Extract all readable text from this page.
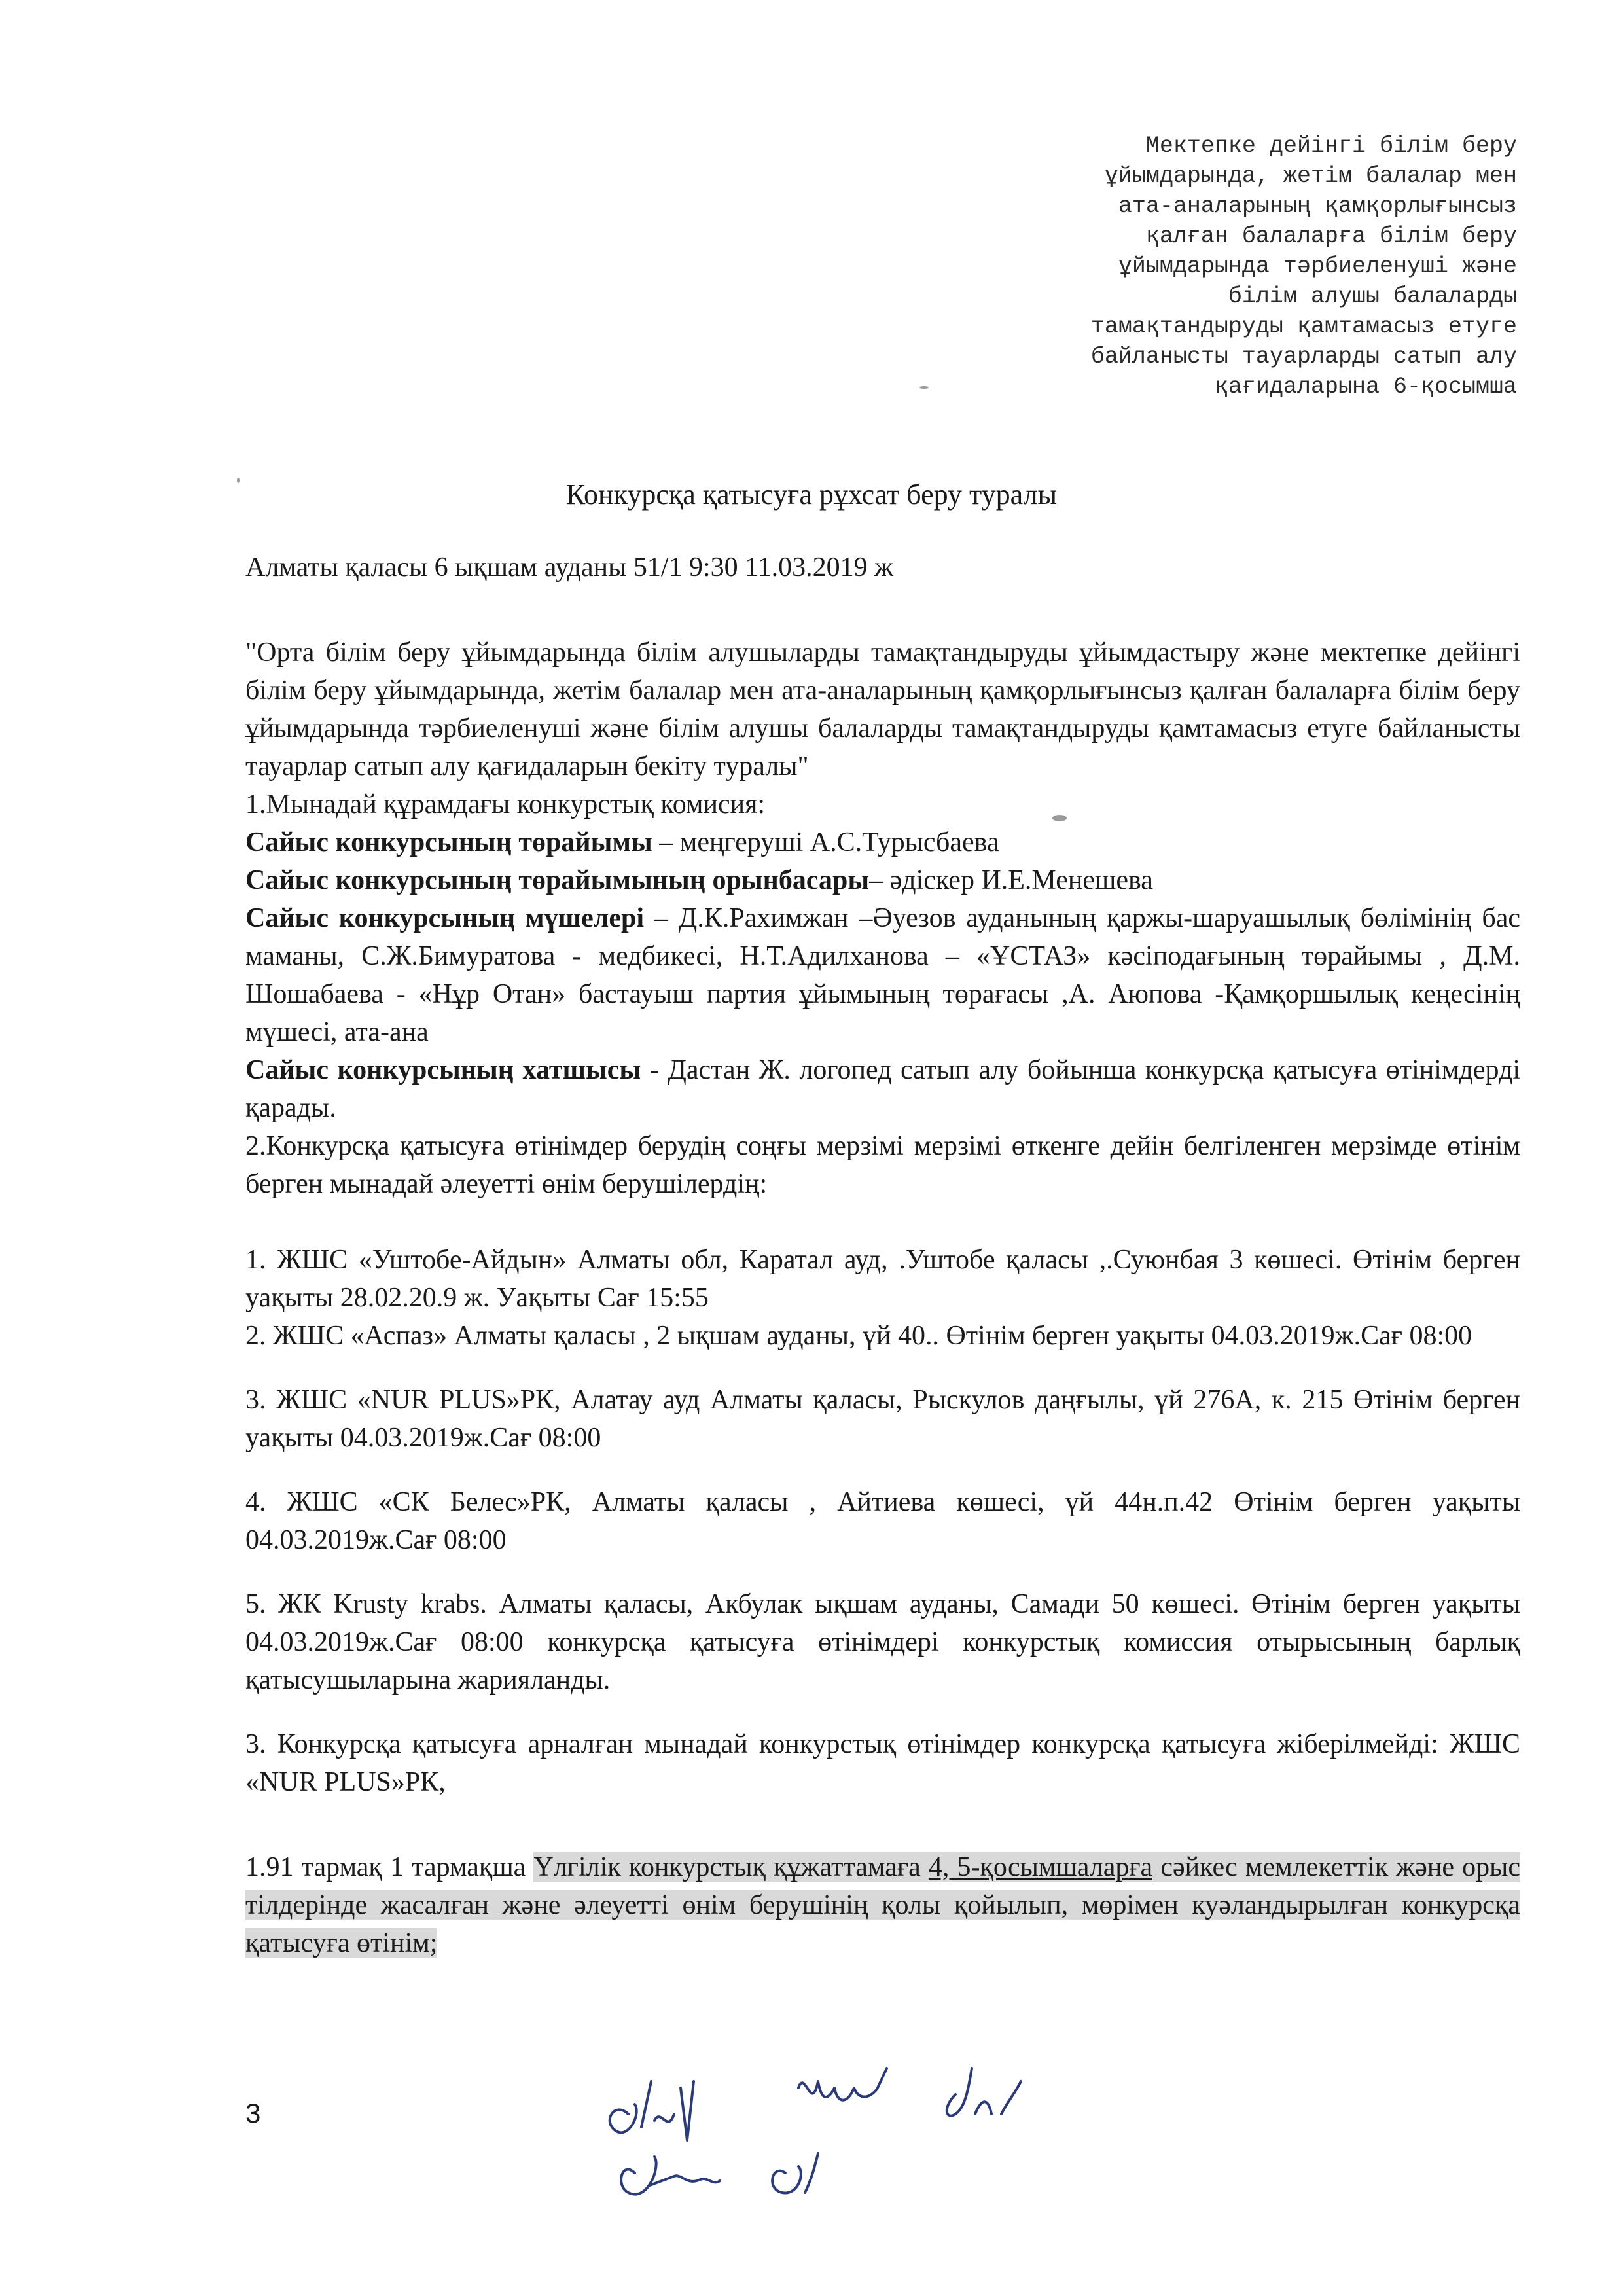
Мектепке дейінгі білім беру
ұйымдарында, жетім балалар мен
ата-аналарының қамқорлығынсыз
қалған балаларға білім беру
ұйымдарында тәрбиеленуші және
білім алушы балаларды
тамақтандыруды қамтамасыз етуге
байланысты тауарларды сатып алу
қағидаларына 6-қосымша
Конкурсқа қатысуға рұхсат беру туралы

Алматы қаласы 6 ықшам ауданы 51/1 9:30 11.03.2019 ж

"Орта білім беру ұйымдарында білім алушыларды тамақтандыруды ұйымдастыру және мектепке дейінгі білім беру ұйымдарында, жетім балалар мен ата-аналарының қамқорлығынсыз қалған балаларға білім беру ұйымдарында тәрбиеленуші және білім алушы балаларды тамақтандыруды қамтамасыз етуге байланысты тауарлар сатып алу қағидаларын бекіту туралы"

1.Мынадай құрамдағы конкурстық комисия:

Сайыс конкурсының төрайымы – меңгеруші А.С.Турысбаева

Сайыс конкурсының төрайымының орынбасары– әдіскер И.Е.Менешева

Сайыс конкурсының мүшелері – Д.К.Рахимжан –Әуезов ауданының қаржы-шаруашылық бөлімінің бас маманы, С.Ж.Бимуратова - медбикесі, Н.Т.Адилханова – «ҰСТАЗ» кәсіподағының төрайымы , Д.М. Шошабаева - «Нұр Отан» бастауыш партия ұйымының төрағасы ,А. Аюпова -Қамқоршылық кеңесінің мүшесі, ата-ана

Сайыс конкурсының хатшысы - Дастан Ж. логопед сатып алу бойынша конкурсқа қатысуға өтінімдерді қарады.

2.Конкурсқа қатысуға өтінімдер берудің соңғы мерзімі мерзімі өткенге дейін белгіленген мерзімде өтінім берген мынадай әлеуетті өнім берушілердің:

1. ЖШС «Уштобе-Айдын» Алматы обл, Каратал ауд, .Уштобе қаласы ,.Суюнбая 3 көшесі. Өтінім берген уақыты 28.02.20.9 ж. Уақыты Сағ 15:55

2. ЖШС «Аспаз» Алматы қаласы , 2 ықшам ауданы, үй 40.. Өтінім берген уақыты 04.03.2019ж.Сағ 08:00

3. ЖШС «NUR PLUS»РК, Алатау ауд Алматы қаласы, Рыскулов даңғылы, үй 276А, к. 215 Өтінім берген уақыты 04.03.2019ж.Сағ 08:00

4. ЖШС «СК Белес»РК, Алматы қаласы , Айтиева көшесі, үй 44н.п.42 Өтінім берген уақыты 04.03.2019ж.Сағ 08:00

5. ЖК Krusty krabs. Алматы қаласы, Акбулак ықшам ауданы, Самади 50 көшесі. Өтінім берген уақыты 04.03.2019ж.Сағ 08:00 конкурсқа қатысуға өтінімдері конкурстық комиссия отырысының барлық қатысушыларына жарияланды.

3. Конкурсқа қатысуға арналған мынадай конкурстық өтінімдер конкурсқа қатысуға жіберілмейді: ЖШС «NUR PLUS»РК,

1.91 тармақ 1 тармақша Үлгілік конкурстық құжаттамаға 4, 5-қосымшаларға сәйкес мемлекеттік және орыс тілдерінде жасалған және әлеуетті өнім берушінің қолы қойылып, мөрімен куәландырылған конкурсқа қатысуға өтінім;

3
